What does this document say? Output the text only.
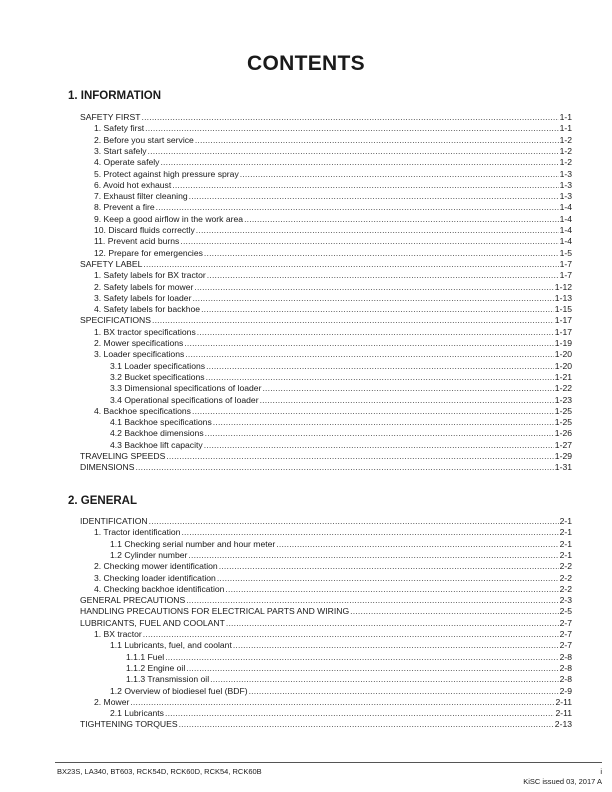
CONTENTS
1. INFORMATION
SAFETY FIRST .....	1-1
1. Safety first .....	1-1
2. Before you start service .....	1-2
3. Start safely .....	1-2
4. Operate safely .....	1-2
5. Protect against high pressure spray .....	1-3
6. Avoid hot exhaust .....	1-3
7. Exhaust filter cleaning .....	1-3
8. Prevent a fire .....	1-4
9. Keep a good airflow in the work area .....	1-4
10. Discard fluids correctly .....	1-4
11. Prevent acid burns .....	1-4
12. Prepare for emergencies .....	1-5
SAFETY LABEL .....	1-7
1. Safety labels for BX tractor .....	1-7
2. Safety labels for mower .....	1-12
3. Safety labels for loader .....	1-13
4. Safety labels for backhoe .....	1-15
SPECIFICATIONS .....	1-17
1. BX tractor specifications .....	1-17
2. Mower specifications .....	1-19
3. Loader specifications .....	1-20
3.1 Loader specifications .....	1-20
3.2 Bucket specifications .....	1-21
3.3 Dimensional specifications of loader .....	1-22
3.4 Operational specifications of loader .....	1-23
4. Backhoe specifications .....	1-25
4.1 Backhoe specifications .....	1-25
4.2 Backhoe dimensions .....	1-26
4.3 Backhoe lift capacity .....	1-27
TRAVELING SPEEDS .....	1-29
DIMENSIONS .....	1-31
2. GENERAL
IDENTIFICATION .....	2-1
1. Tractor identification .....	2-1
1.1 Checking serial number and hour meter .....	2-1
1.2 Cylinder number .....	2-1
2. Checking mower identification .....	2-2
3. Checking loader identification .....	2-2
4. Checking backhoe identification .....	2-2
GENERAL PRECAUTIONS .....	2-3
HANDLING PRECAUTIONS FOR ELECTRICAL PARTS AND WIRING .....	2-5
LUBRICANTS, FUEL AND COOLANT .....	2-7
1. BX tractor .....	2-7
1.1 Lubricants, fuel, and coolant .....	2-7
1.1.1 Fuel .....	2-8
1.1.2 Engine oil .....	2-8
1.1.3 Transmission oil .....	2-8
1.2 Overview of biodiesel fuel (BDF) .....	2-9
2. Mower .....	2-11
2.1 Lubricants .....	2-11
TIGHTENING TORQUES .....	2-13
BX23S, LA340, BT603, RCK54D, RCK60D, RCK54, RCK60B	i
KiSC issued 03, 2017 A
